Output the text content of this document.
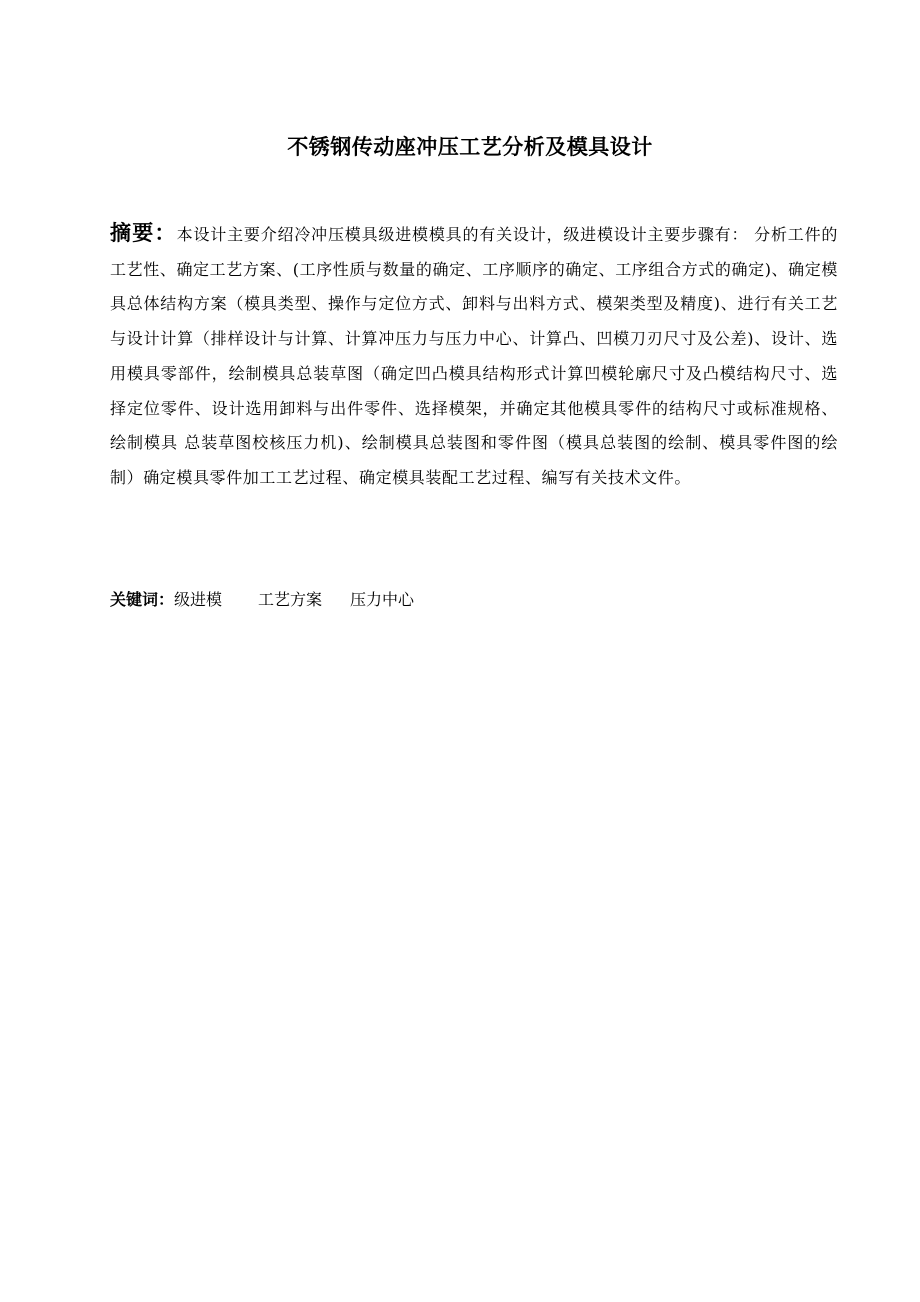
不锈钢传动座冲压工艺分析及模具设计

摘要：本设计主要介绍冷冲压模具级进模模具的有关设计，级进模设计主要步骤有： 分析工件的工艺性、确定工艺方案、(工序性质与数量的确定、工序顺序的确定、工序组合方式的确定)、确定模具总体结构方案（模具类型、操作与定位方式、卸料与出料方式、模架类型及精度)、进行有关工艺与设计计算（排样设计与计算、计算冲压力与压力中心、计算凸、凹模刀刃尺寸及公差)、设计、选用模具零部件，绘制模具总装草图（确定凹凸模具结构形式计算凹模轮廓尺寸及凸模结构尺寸、选择定位零件、设计选用卸料与出件零件、选择模架，并确定其他模具零件的结构尺寸或标准规格、绘制模具 总装草图校核压力机)、绘制模具总装图和零件图（模具总装图的绘制、模具零件图的绘制）确定模具零件加工工艺过程、确定模具装配工艺过程、编写有关技术文件。

关键词：级进模 工艺方案 压力中心
